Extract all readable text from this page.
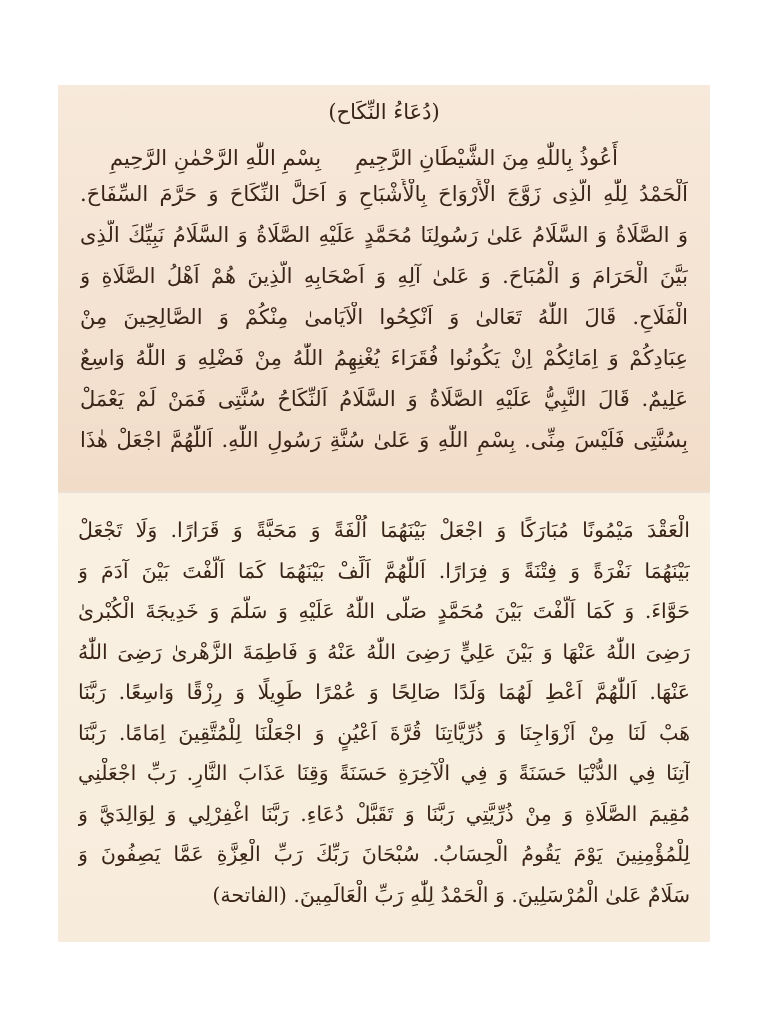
(دُعَاءُ النِّكَاح)
أَعُوذُ بِاللّٰهِ مِنَ الشَّيْطَانِ الرَّجِيمِ
بِسْمِ اللّٰهِ الرَّحْمٰنِ الرَّحِيمِ
اَلْحَمْدُ لِلّٰهِ الَّذِى زَوَّجَ الْأَرْوَاحَ بِالْأَشْبَاحِ وَ اَحَلَّ النِّكَاحَ وَ حَرَّمَ السِّفَاحَ.
وَ الصَّلَاةُ وَ السَّلَامُ عَلىٰ رَسُولِنَا مُحَمَّدٍ عَلَيْهِ الصَّلَاةُ وَ السَّلَامُ نَبِيِّكَ الَّذِى
بَيَّنَ الْحَرَامَ وَ الْمُبَاحَ. وَ عَلىٰ آلِهِ وَ اَصْحَابِهِ الَّذِينَ هُمْ اَهْلُ الصَّلَاةِ وَ
الْفَلَاحِ. قَالَ اللّٰهُ تَعَالىٰ وَ اَنْكِحُوا الْاَيَامىٰ مِنْكُمْ وَ الصَّالِحِينَ مِنْ
عِبَادِكُمْ وَ اِمَائِكُمْ اِنْ يَكُونُوا فُقَرَاءَ يُغْنِهِمُ اللّٰهُ مِنْ فَضْلِهِ وَ اللّٰهُ وَاسِعٌ
عَلِيمٌ. قَالَ النَّبِيُّ عَلَيْهِ الصَّلَاةُ وَ السَّلَامُ اَلنِّكَاحُ سُنَّتِى فَمَنْ لَمْ يَعْمَلْ
بِسُنَّتِى فَلَيْسَ مِنِّى. بِسْمِ اللّٰهِ وَ عَلىٰ سُنَّةِ رَسُولِ اللّٰهِ. اَللّٰهُمَّ اجْعَلْ هٰذَا
الْعَقْدَ مَيْمُونًا مُبَارَكًا وَ اجْعَلْ بَيْنَهُمَا اُلْفَةً وَ مَحَبَّةً وَ قَرَارًا. وَلَا تَجْعَلْ
بَيْنَهُمَا نَفْرَةً وَ فِتْنَةً وَ فِرَارًا. اَللّٰهُمَّ اَلِّفْ بَيْنَهُمَا كَمَا اَلَّفْتَ بَيْنَ آدَمَ وَ
حَوَّاءَ. وَ كَمَا اَلَّفْتَ بَيْنَ مُحَمَّدٍ صَلَّى اللّٰهُ عَلَيْهِ وَ سَلَّمَ وَ خَدِيجَةَ الْكُبْرىٰ
رَضِىَ اللّٰهُ عَنْهَا وَ بَيْنَ عَلِيٍّ رَضِىَ اللّٰهُ عَنْهُ وَ فَاطِمَةَ الزَّهْرىٰ رَضِىَ اللّٰهُ
عَنْهَا. اَللّٰهُمَّ اَعْطِ لَهُمَا وَلَدًا صَالِحًا وَ عُمْرًا طَوِيلًا وَ رِزْقًا وَاسِعًا. رَبَّنَا
هَبْ لَنَا مِنْ اَزْوَاجِنَا وَ ذُرِّيَّاتِنَا قُرَّةَ اَعْيُنٍ وَ اجْعَلْنَا لِلْمُتَّقِينَ اِمَامًا. رَبَّنَا
آتِنَا فِي الدُّنْيَا حَسَنَةً وَ فِي الْآخِرَةِ حَسَنَةً وَقِنَا عَذَابَ النَّارِ. رَبِّ اجْعَلْنِي
مُقِيمَ الصَّلَاةِ وَ مِنْ ذُرِّيَّتِي رَبَّنَا وَ تَقَبَّلْ دُعَاءِ. رَبَّنَا اغْفِرْلِي وَ لِوَالِدَيَّ وَ
لِلْمُؤْمِنِينَ يَوْمَ يَقُومُ الْحِسَابُ. سُبْحَانَ رَبِّكَ رَبِّ الْعِزَّةِ عَمَّا يَصِفُونَ وَ
سَلَامٌ عَلىٰ الْمُرْسَلِينَ. وَ الْحَمْدُ لِلّٰهِ رَبِّ الْعَالَمِينَ. (الفاتحة)
